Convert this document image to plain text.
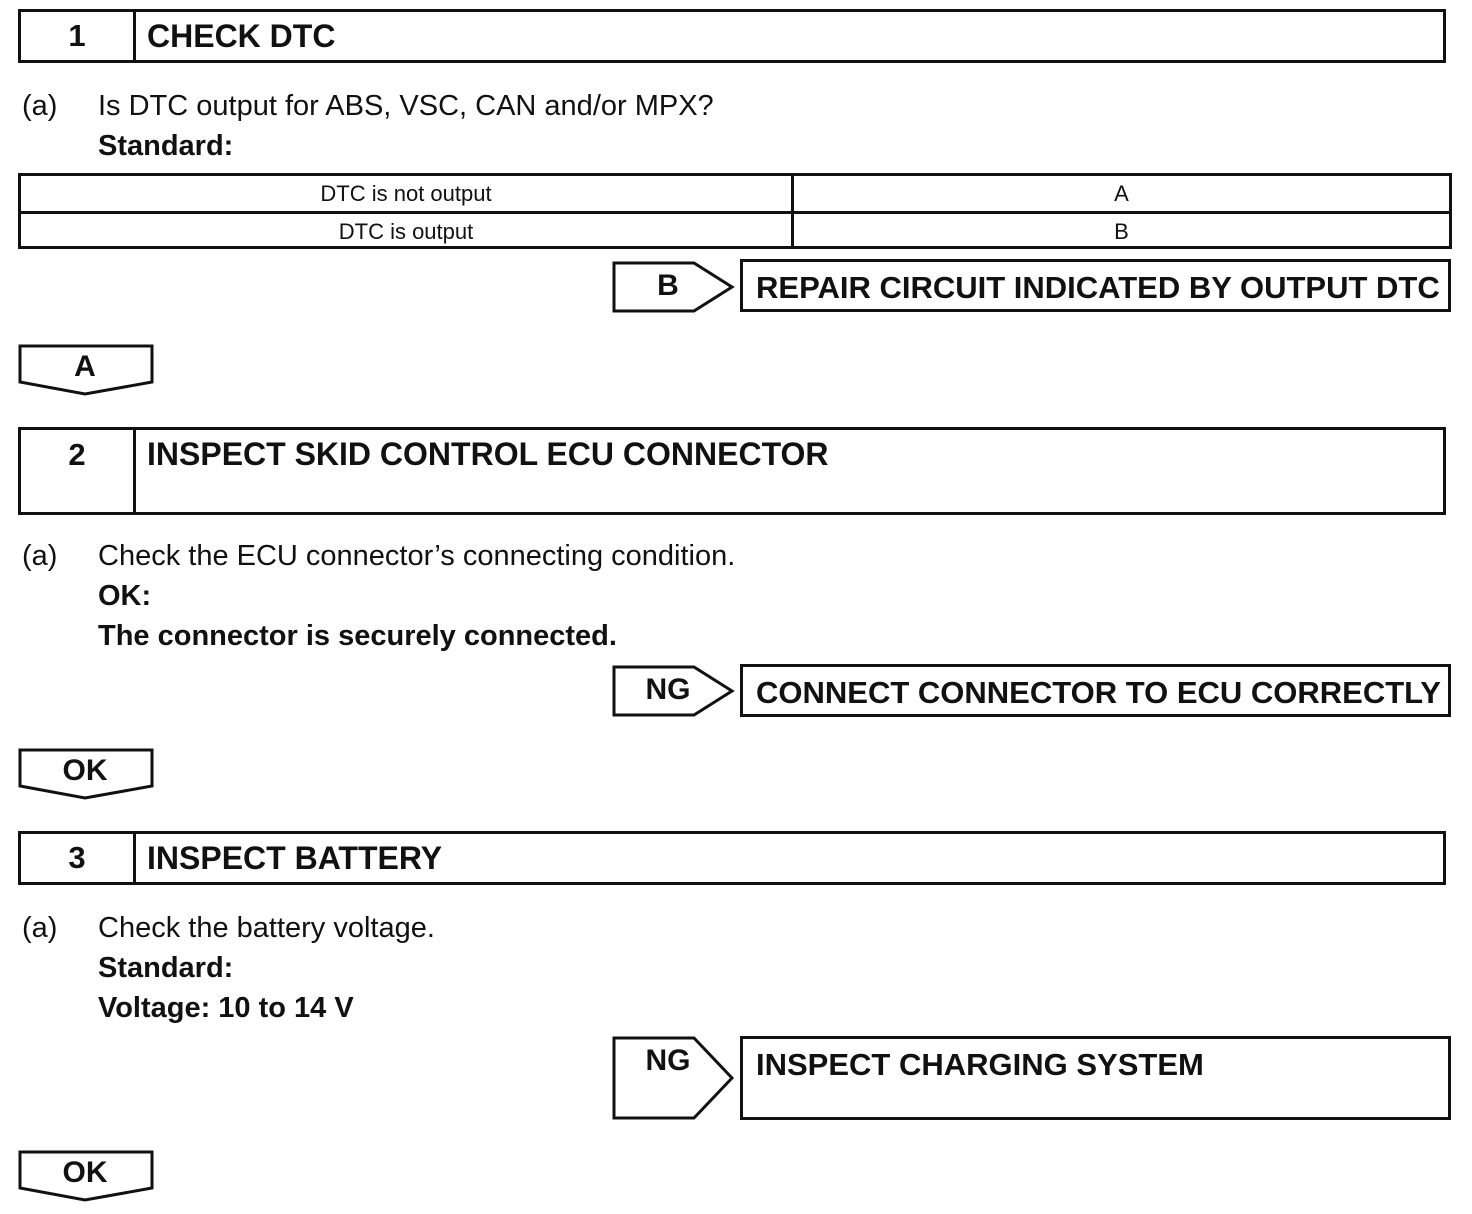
1	CHECK DTC
(a) Is DTC output for ABS, VSC, CAN and/or MPX?
Standard:
DTC is not output	A
DTC is output	B
B	REPAIR CIRCUIT INDICATED BY OUTPUT DTC
A
2	INSPECT SKID CONTROL ECU CONNECTOR
(a) Check the ECU connector’s connecting condition.
OK:
The connector is securely connected.
NG	CONNECT CONNECTOR TO ECU CORRECTLY
OK
3	INSPECT BATTERY
(a) Check the battery voltage.
Standard:
Voltage: 10 to 14 V
NG	INSPECT CHARGING SYSTEM
OK
